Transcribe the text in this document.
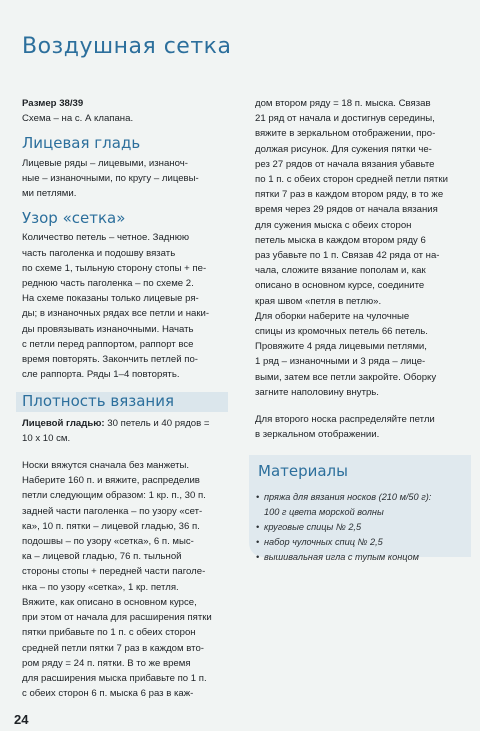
Воздушная сетка

Размер 38/39

Схема – на с. А клапана.

Лицевая гладь

Лицевые ряды – лицевыми, изнаноч-

ные – изнаночными, по кругу – лицевы-

ми петлями.

Узор «сетка»

Количество петель – четное. Заднюю

часть паголенка и подошву вязать

по схеме 1, тыльную сторону стопы + пе-

реднюю часть паголенка – по схеме 2.

На схеме показаны только лицевые ря-

ды; в изнаночных рядах все петли и наки-

ды провязывать изнаночными. Начать

с петли перед раппортом, раппорт все

время повторять. Закончить петлей по-

сле раппорта. Ряды 1–4 повторять.

Плотность вязания

Лицевой гладью: 30 петель и 40 рядов =

10 х 10 см.

Носки вяжутся сначала без манжеты.

Наберите 160 п. и вяжите, распределив

петли следующим образом: 1 кр. п., 30 п.

задней части паголенка – по узору «сет-

ка», 10 п. пятки – лицевой гладью, 36 п.

подошвы – по узору «сетка», 6 п. мыс-

ка – лицевой гладью, 76 п. тыльной

стороны стопы + передней части паголе-

нка – по узору «сетка», 1 кр. петля.

Вяжите, как описано в основном курсе,

при этом от начала для расширения пятки

пятки прибавьте по 1 п. с обеих сторон

средней петли пятки 7 раз в каждом вто-

ром ряду = 24 п. пятки. В то же время

для расширения мыска прибавьте по 1 п.

с обеих сторон 6 п. мыска 6 раз в каж-

дом втором ряду = 18 п. мыска. Связав

21 ряд от начала и достигнув середины,

вяжите в зеркальном отображении, про-

должая рисунок. Для сужения пятки че-

рез 27 рядов от начала вязания убавьте

по 1 п. с обеих сторон средней петли пятки

пятки 7 раз в каждом втором ряду, в то же

время через 29 рядов от начала вязания

для сужения мыска с обеих сторон

петель мыска в каждом втором ряду 6

раз убавьте по 1 п. Связав 42 ряда от на-

чала, сложите вязание пополам и, как

описано в основном курсе, соедините

края швом «петля в петлю».

Для оборки наберите на чулочные

спицы из кромочных петель 66 петель.

Провяжите 4 ряда лицевыми петлями,

1 ряд – изнаночными и 3 ряда – лице-

выми, затем все петли закройте. Оборку

загните наполовину внутрь.

Для второго носка распределяйте петли

в зеркальном отображении.

Материалы
• пряжа для вязания носков (210 м/50 г):
100 г цвета морской волны
• круговые спицы № 2,5
• набор чулочных спиц № 2,5
• вышивальная игла с тупым концом
24
